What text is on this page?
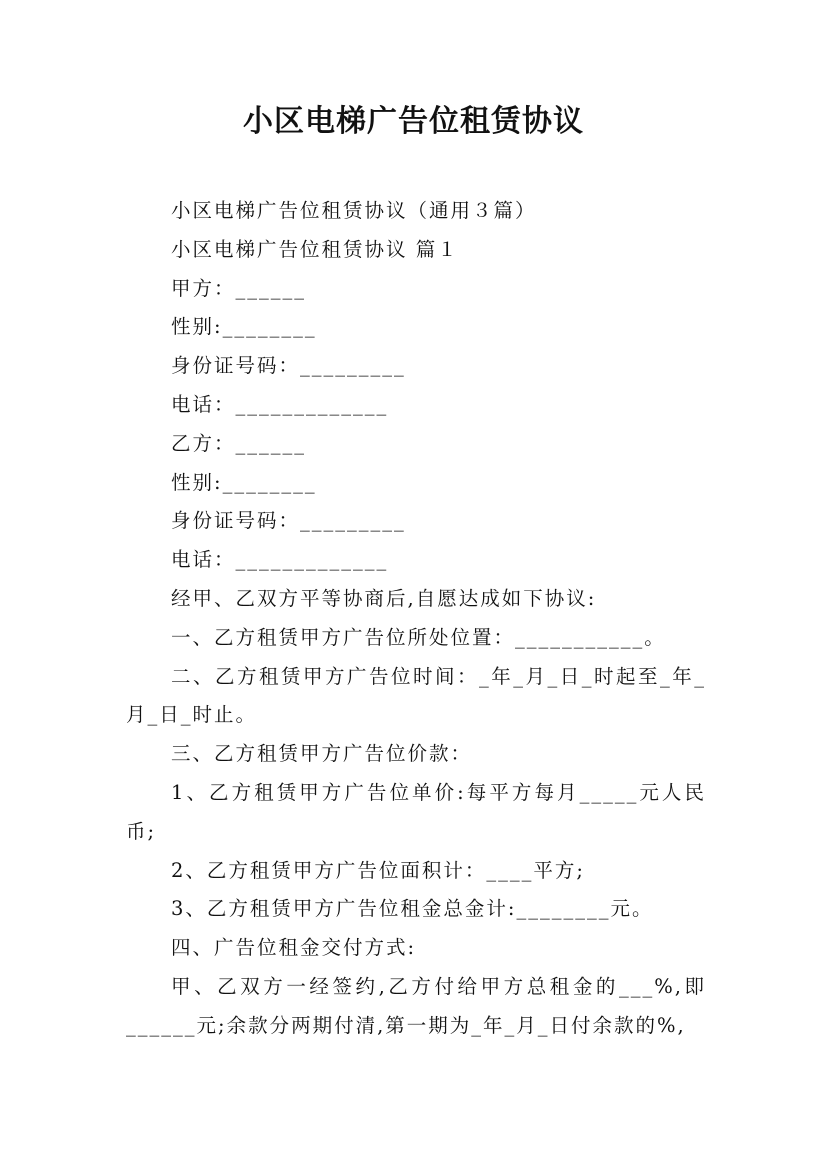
小区电梯广告位租赁协议

小区电梯广告位租赁协议（通用３篇）

小区电梯广告位租赁协议 篇１

甲方：______

性别:________

身份证号码：_________

电话：_____________

乙方：______

性别:________

身份证号码：_________

电话：_____________

经甲、乙双方平等协商后,自愿达成如下协议:

一、乙方租赁甲方广告位所处位置：___________。

二、乙方租赁甲方广告位时间：_年_月_日_时起至_年_月_日_时止。

三、乙方租赁甲方广告位价款：

1、乙方租赁甲方广告位单价:每平方每月_____元人民币;

2、乙方租赁甲方广告位面积计：____平方;

3、乙方租赁甲方广告位租金总金计:________元。

四、广告位租金交付方式:

甲、乙双方一经签约,乙方付给甲方总租金的___%,即______元;余款分两期付清,第一期为_年_月_日付余款的%,
